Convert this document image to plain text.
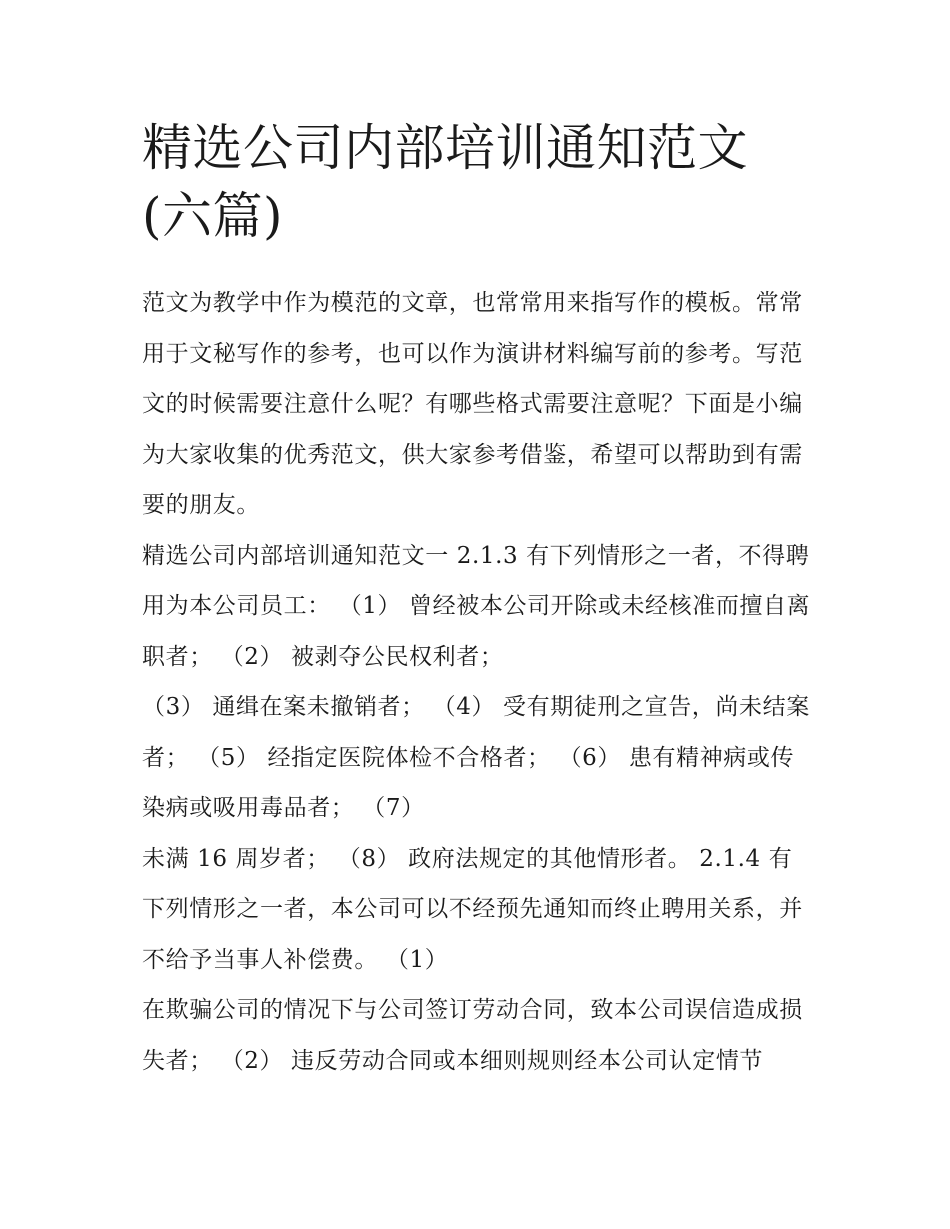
精选公司内部培训通知范文(六篇)

范文为教学中作为模范的文章，也常常用来指写作的模板。常常用于文秘写作的参考，也可以作为演讲材料编写前的参考。写范文的时候需要注意什么呢？有哪些格式需要注意呢？下面是小编为大家收集的优秀范文，供大家参考借鉴，希望可以帮助到有需要的朋友。

精选公司内部培训通知范文一 2.1.3 有下列情形之一者，不得聘用为本公司员工： （1） 曾经被本公司开除或未经核准而擅自离职者； （2） 被剥夺公民权利者；

（3） 通缉在案未撤销者； （4） 受有期徒刑之宣告，尚未结案者； （5） 经指定医院体检不合格者； （6） 患有精神病或传染病或吸用毒品者； （7）

未满 16 周岁者； （8） 政府法规定的其他情形者。 2.1.4 有下列情形之一者，本公司可以不经预先通知而终止聘用关系，并不给予当事人补偿费。 （1）

在欺骗公司的情况下与公司签订劳动合同，致本公司误信造成损失者； （2） 违反劳动合同或本细则规则经本公司认定情节
